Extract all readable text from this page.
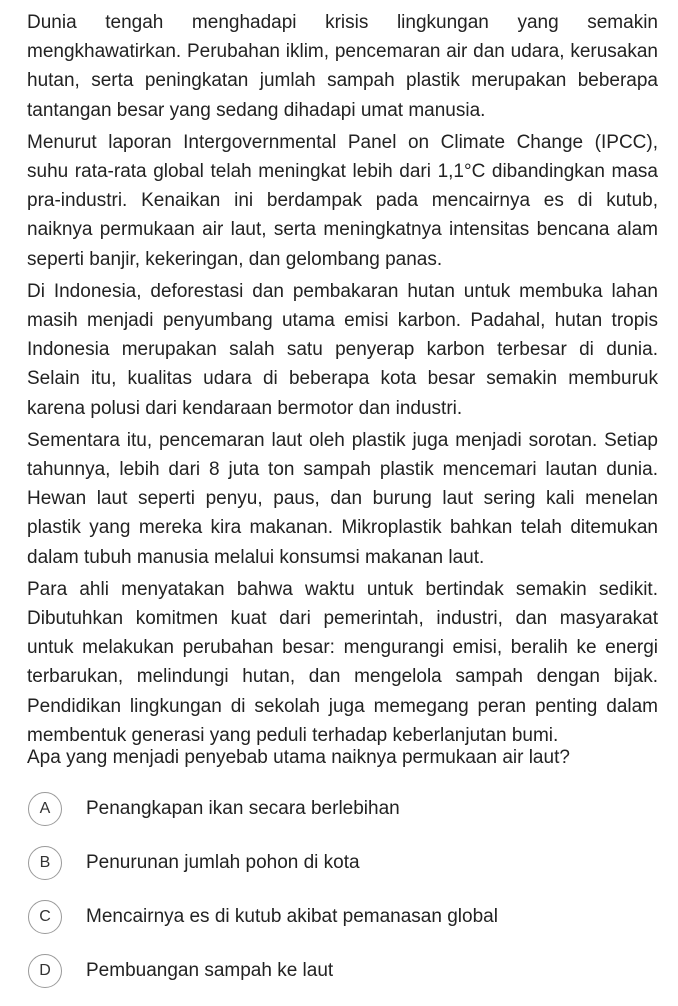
Dunia tengah menghadapi krisis lingkungan yang semakin mengkhawatirkan. Perubahan iklim, pencemaran air dan udara, kerusakan hutan, serta peningkatan jumlah sampah plastik merupakan beberapa tantangan besar yang sedang dihadapi umat manusia.

Menurut laporan Intergovernmental Panel on Climate Change (IPCC), suhu rata-rata global telah meningkat lebih dari 1,1°C dibandingkan masa pra-industri. Kenaikan ini berdampak pada mencairnya es di kutub, naiknya permukaan air laut, serta meningkatnya intensitas bencana alam seperti banjir, kekeringan, dan gelombang panas.

Di Indonesia, deforestasi dan pembakaran hutan untuk membuka lahan masih menjadi penyumbang utama emisi karbon. Padahal, hutan tropis Indonesia merupakan salah satu penyerap karbon terbesar di dunia. Selain itu, kualitas udara di beberapa kota besar semakin memburuk karena polusi dari kendaraan bermotor dan industri.

Sementara itu, pencemaran laut oleh plastik juga menjadi sorotan. Setiap tahunnya, lebih dari 8 juta ton sampah plastik mencemari lautan dunia. Hewan laut seperti penyu, paus, dan burung laut sering kali menelan plastik yang mereka kira makanan. Mikroplastik bahkan telah ditemukan dalam tubuh manusia melalui konsumsi makanan laut.

Para ahli menyatakan bahwa waktu untuk bertindak semakin sedikit. Dibutuhkan komitmen kuat dari pemerintah, industri, dan masyarakat untuk melakukan perubahan besar: mengurangi emisi, beralih ke energi terbarukan, melindungi hutan, dan mengelola sampah dengan bijak. Pendidikan lingkungan di sekolah juga memegang peran penting dalam membentuk generasi yang peduli terhadap keberlanjutan bumi.

Apa yang menjadi penyebab utama naiknya permukaan air laut?

A	Penangkapan ikan secara berlebihan
B	Penurunan jumlah pohon di kota
C	Mencairnya es di kutub akibat pemanasan global
D	Pembuangan sampah ke laut
